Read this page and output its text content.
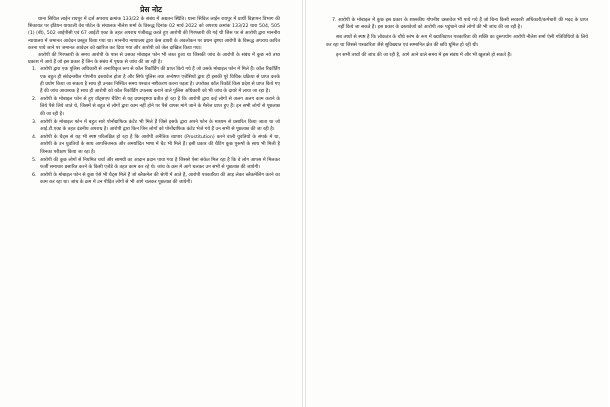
प्रेस नोट

थाना सिविल लाईन रायपुर में दर्ज अपराध क्रमांक 133/22 के संबंध में अद्यतन स्थिति। थाना सिविल लाईन रायपुर में प्रार्थी विज्ञापन विभाग की शिकायत पर इंडियन यायटली वेब पोर्टल के संचालक नीलेश शर्मा के विरूद्ध दिनांक 02 मार्च 2022 को अपराध क्रमांक 133/22 धारा 504, 505 (1) (बी), 502 आईपीसी एवं 67 आईटी एक्ट के तहत अपराध पंजीबद्ध करते हुए आरोपी की गिरफ्तारी की गई थी जिस पर से आरोपी द्वारा माननीय न्यायालय में जमानत आवेदन प्रस्तुत किया गया था। माननीय न्यायालय द्वारा केस डायरी के अवलोकन पर प्रथम दृष्टया आरोपी के विरूद्ध अपराध कारित करना पाये जाने पर जमानत आवेदन को खारिज कर दिया गया और आरोपी को जेल दाखिल किया गया।

आरोपी की गिरफ्तारी के समय आरोपी के पास से उसका मोबाइल फोन भी जब्त हुआ था जिसकी जांच के आरोपी के संबंध में कुछ नये तथ्य प्रकाश में आये हैं जो इस प्रकार हैं जिन के संबंध में पृथक से जांच की जा रही है।

1. आरोपी द्वारा एक पुलिस अधिकारी से अनाधिकृत रूप से कॉल रिकॉर्डिंग की प्राप्त किये गये हैं जो उसके मोबाइल फोन में मिले हैं। कॉल रिकॉर्डिंग एक बहुत ही संवेदनशील गोपनीय दस्तावेज होता है और सिर्फ पुलिस तथा अन्वेषण एजेंसियों द्वारा ही इसकी पूरे विधिक प्रक्रिया से प्राप्त करके ही प्रयोग किया जा सकता है साथ ही उनका निश्चित समय पश्चात नष्टीकरण करना पड़ता है। उपरोक्त कॉल रिकॉर्ड किस प्रदेश से प्राप्त किये गए हैं की जांच आवश्यक है साथ ही आरोपी को कॉल रिकॉर्डिंग उपलब्ध कराने वाले पुलिस अधिकारी को भी जांच के दायरे में लाया जा रहा है।
2. आरोपी के मोबाइल फोन से हुए वॉट्सएप चैटिंग से यह प्रथमदृष्टया प्रतीत हो रहा है कि आरोपी द्वारा कई लोगों से अलग अलग काम कराने के लिये पैसे लिये जाते थे, जिसमें से बहुत से लोगों द्वारा काम नहीं होने पर पैसे वापस मांगे जाने के मैसेज प्राप्त हुए हैं। इन सभी लोगों से पूछताछ की जा रही है।
3. आरोपी के मोबाइल फोन में बहुत सारे पोर्नोग्राफिक कंटेंट भी मिले हैं जिसे इसके द्वारा अपने फोन के माध्यम से प्रसारित किया जाता था जो आई.टी.एक्ट के तहत दंडनीय अपराध है। आरोपी द्वारा किन जिन लोगों को पोर्नोग्राफिक कंटेंट भेजे गये हैं उन सभी से पूछताछ की जा रही है।
4. आरोपी के चैट्स से यह भी स्पष्ट परिलक्षित हो रहा है कि आरोपी अनैतिक व्यापार (Prostitution) करने वाली युवतियों के संपर्क में था, आरोपी के उन युवतियों के साथ आपत्तिजनक और अमर्यादित भाषा में चैट भी मिले हैं। इसी प्रकार की चैटिंग कुछ पुरूषों के साथ भी मिली है जिनका परीक्षण किया जा रहा है।
5. आरोपी की कुछ लोगों से नियमित चर्चा और सामग्री का आदान प्रदान पाया गया है जिससे ऐसा संकेत मिल रहा है कि वे लोग आपस में मिलकर फर्जी समाचार प्रसारित करने के किसी एजेंडे के तहत काम कर रहे थे। जांच के क्रम में आगे चलकर उन सभी से पूछताछ की जायेगी।
6. आरोपी के मोबाइल फोन से कुछ ऐसे भी चैट्स मिले हैं जो ब्लैकमेल की श्रेणी में आते हैं, आरोपी पत्रकारिता की आड़ लेकर ब्लैकमेलिंग करने का काम कर रहा था। जांच के क्रम में उन पीड़ित लोगों से भी आगे चलकर पूछताछ की जायेगी।
7. आरोपी के मोबाइल में कुछ इस प्रकार के शासकीय गोपनीय दस्तावेज भी पाये गये हैं जो बिना किसी सरकारी अधिकारी/कर्मचारी की मदद के प्राप्त नहीं किये जा सकते हैं। इस प्रकार के दस्तावेजों को आरोपी तक पहुंचाने वाले लोगों की भी जांच की जा रही है।

सब तथ्यों से स्पष्ट है कि लोकतंत्र के चौथे स्तंभ के रूप में ख्यातिप्राप्त पत्रकारिता की शक्ति का दुरूपयोग आरोपी नीलेश शर्मा ऐसी गतिविधियों के लिये कर रहा था जिससे पत्रकारिता जैसे सुविख्यात एवं सम्मानित क्षेत्र की छवि धूमिल हो रही थी।

इन सभी तथ्यों की जांच की जा रही है, आगे आने वाले समय में इस संबंध में और भी खुलासे हो सकते हैं।
